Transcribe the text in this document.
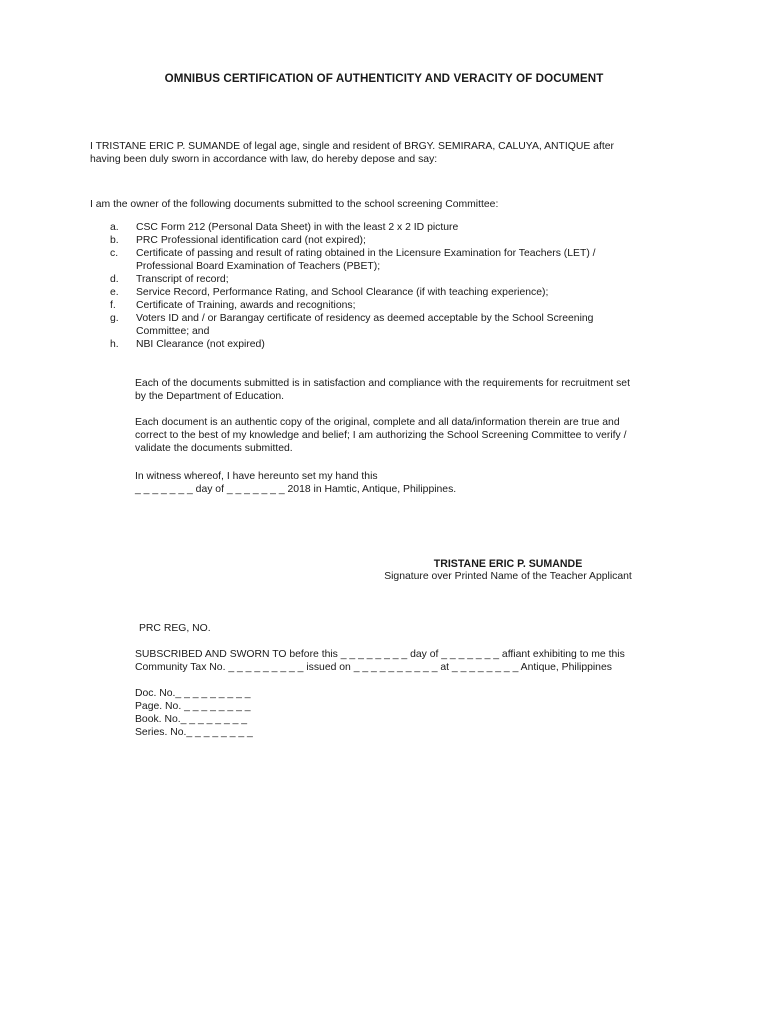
OMNIBUS CERTIFICATION OF AUTHENTICITY AND VERACITY OF DOCUMENT
I TRISTANE ERIC P. SUMANDE of legal age, single and resident of BRGY. SEMIRARA, CALUYA, ANTIQUE after
having been duly sworn in accordance with law, do hereby depose and say:
I am the owner of the following documents submitted to the school screening Committee:
a. CSC Form 212 (Personal Data Sheet) in with the least 2 x 2 ID picture
b. PRC Professional identification card (not expired);
c. Certificate of passing and result of rating obtained in the Licensure Examination for Teachers (LET) /
Professional Board Examination of Teachers (PBET);
d. Transcript of record;
e. Service Record, Performance Rating, and School Clearance (if with teaching experience);
f. Certificate of Training, awards and recognitions;
g. Voters ID and / or Barangay certificate of residency as deemed acceptable by the School Screening
Committee; and
h. NBI Clearance (not expired)
Each of the documents submitted is in satisfaction and compliance with the requirements for recruitment set
by the Department of Education.
Each document is an authentic copy of the original, complete and all data/information therein are true and
correct to the best of my knowledge and belief; I am authorizing the School Screening Committee to verify /
validate the documents submitted.
In witness whereof, I have hereunto set my hand this
_ _ _ _ _ _ _ day of _ _ _ _ _ _ _ 2018 in Hamtic, Antique, Philippines.
TRISTANE ERIC P. SUMANDE
Signature over Printed Name of the Teacher Applicant
PRC REG, NO.
SUBSCRIBED AND SWORN TO before this _ _ _ _ _ _ _ _ day of _ _ _ _ _ _ _ affiant exhibiting to me this
Community Tax No. _ _ _ _ _ _ _ _ _ issued on _ _ _ _ _ _ _ _ _ _ at _ _ _ _ _ _ _ _ Antique, Philippines
Doc. No._ _ _ _ _ _ _ _ _
Page. No. _ _ _ _ _ _ _ _
Book. No._ _ _ _ _ _ _ _
Series. No._ _ _ _ _ _ _ _
